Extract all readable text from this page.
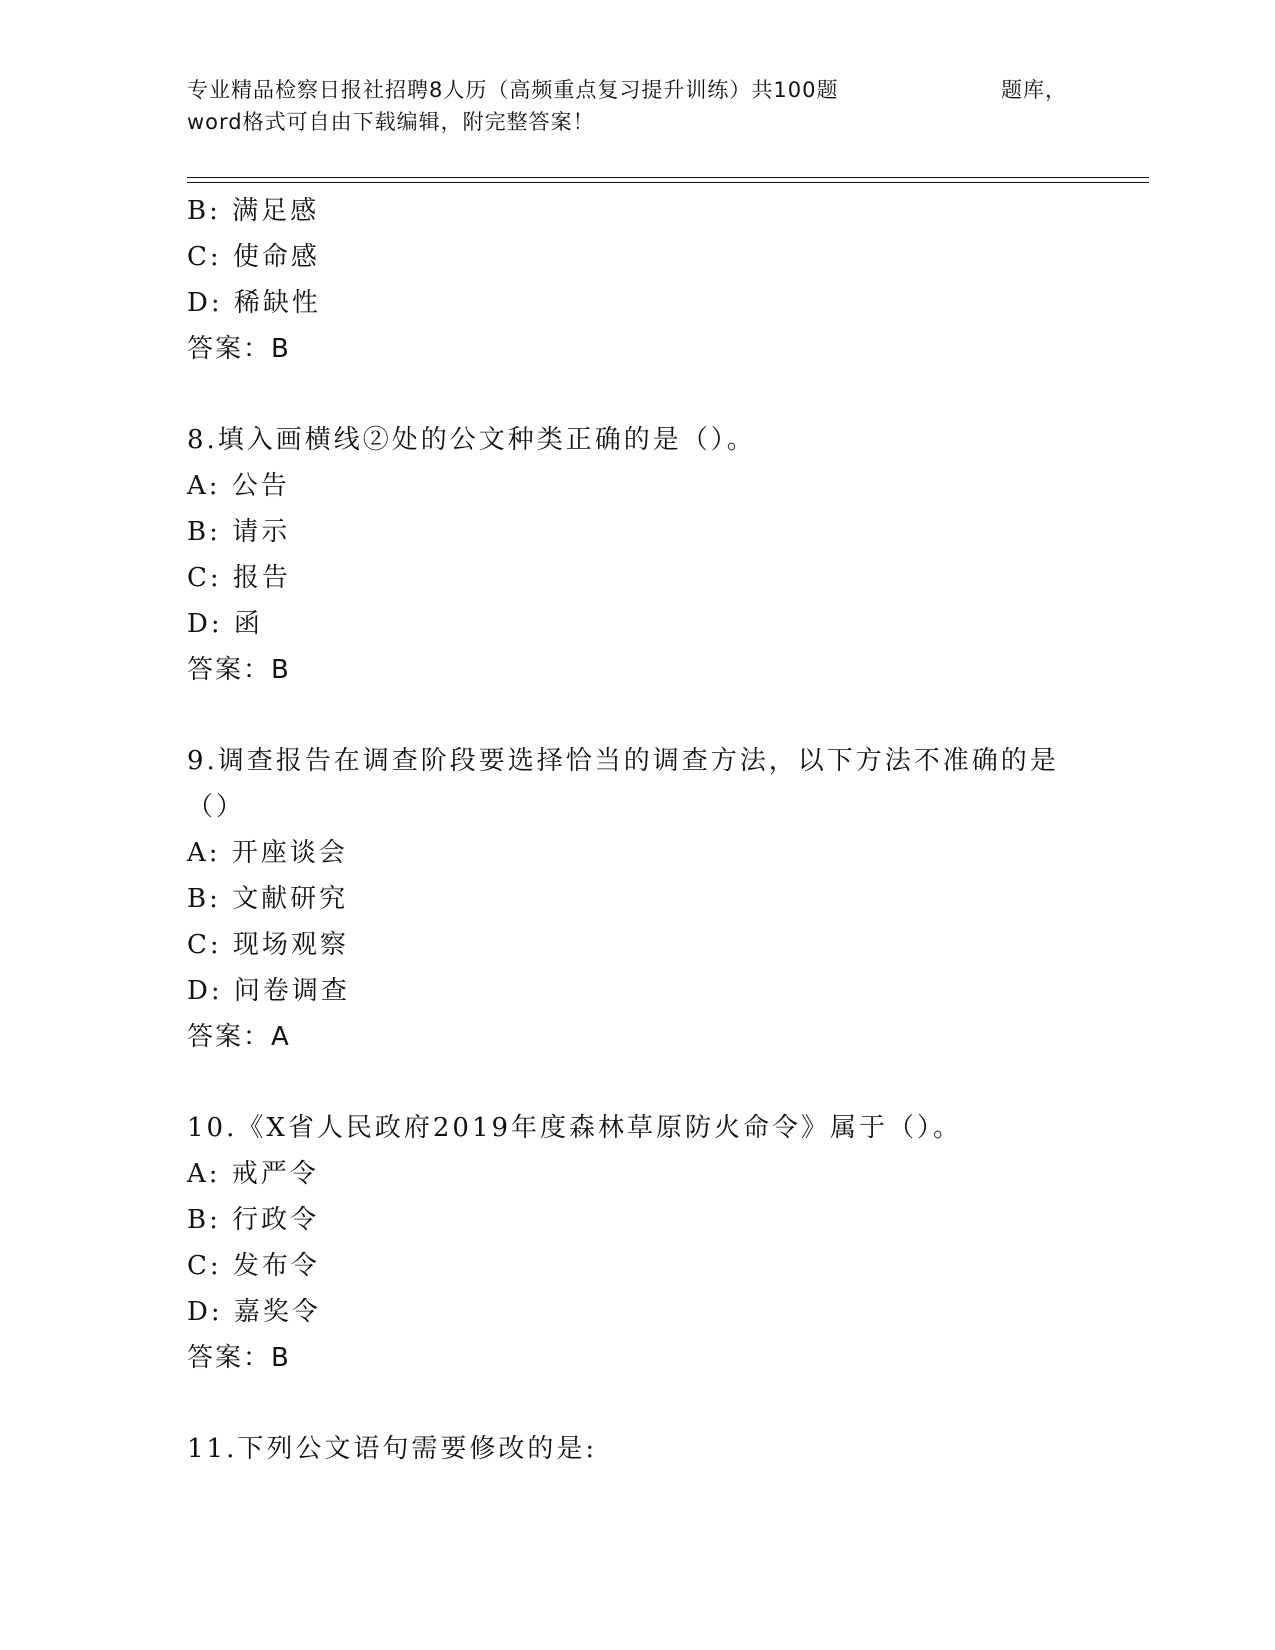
专业精品检察日报社招聘8人历（高频重点复习提升训练）共100题	题库，
word格式可自由下载编辑，附完整答案！
B: 满足感
C: 使命感
D: 稀缺性
答案：B
8.填入画横线②处的公文种类正确的是（）。
A: 公告
B: 请示
C: 报告
D: 函
答案：B
9.调查报告在调查阶段要选择恰当的调查方法，以下方法不准确的是
（）
A: 开座谈会
B: 文献研究
C: 现场观察
D: 问卷调查
答案：A
10.《X省人民政府2019年度森林草原防火命令》属于（）。
A: 戒严令
B: 行政令
C: 发布令
D: 嘉奖令
答案：B
11.下列公文语句需要修改的是:
